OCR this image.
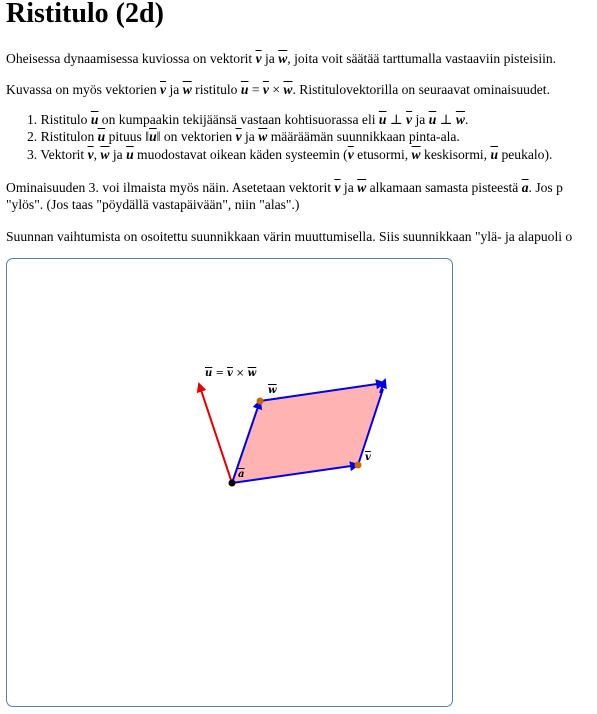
Ristitulo (2d)
Oheisessa dynaamisessa kuviossa on vektorit $\overline{v}$ ja $\overline{w}$, joita voit säätää tarttumalla vastaaviin pisteisiin.
Kuvassa on myös vektorien $\overline{v}$ ja $\overline{w}$ ristitulo $\overline{u} = \overline{v} \times \overline{w}$. Ristitulovektorilla on seuraavat ominaisuudet.
1. Ristitulo $\overline{u}$ on kumpaakin tekijäänsä vastaan kohtisuorassa eli $\overline{u}$ ⊥ $\overline{v}$ ja $\overline{u}$ ⊥ $\overline{w}$.
2. Ristitulon $\overline{u}$ pituus $‖\overline{u}‖$ on vektorien $\overline{v}$ ja $\overline{w}$ määräämän suunnikkaan pinta-ala.
3. Vektorit $\overline{v}$, $\overline{w}$ ja $\overline{u}$ muodostavat oikean käden systeemin ($\overline{v}$ etusormi, $\overline{w}$ keskisormi, $\overline{u}$ peukalo).
Ominaisuuden 3. voi ilmaista myös näin. Asetetaan vektorit $\overline{v}$ ja $\overline{w}$ alkamaan samasta pisteestä $\overline{a}$. Jos p
"ylös". (Jos taas "pöydällä vastapäivään", niin "alas".)
Suunnan vaihtumista on osoitettu suunnikkaan värin muuttumisella. Siis suunnikkaan "ylä- ja alapuoli o
u = v × w
w
v
a
